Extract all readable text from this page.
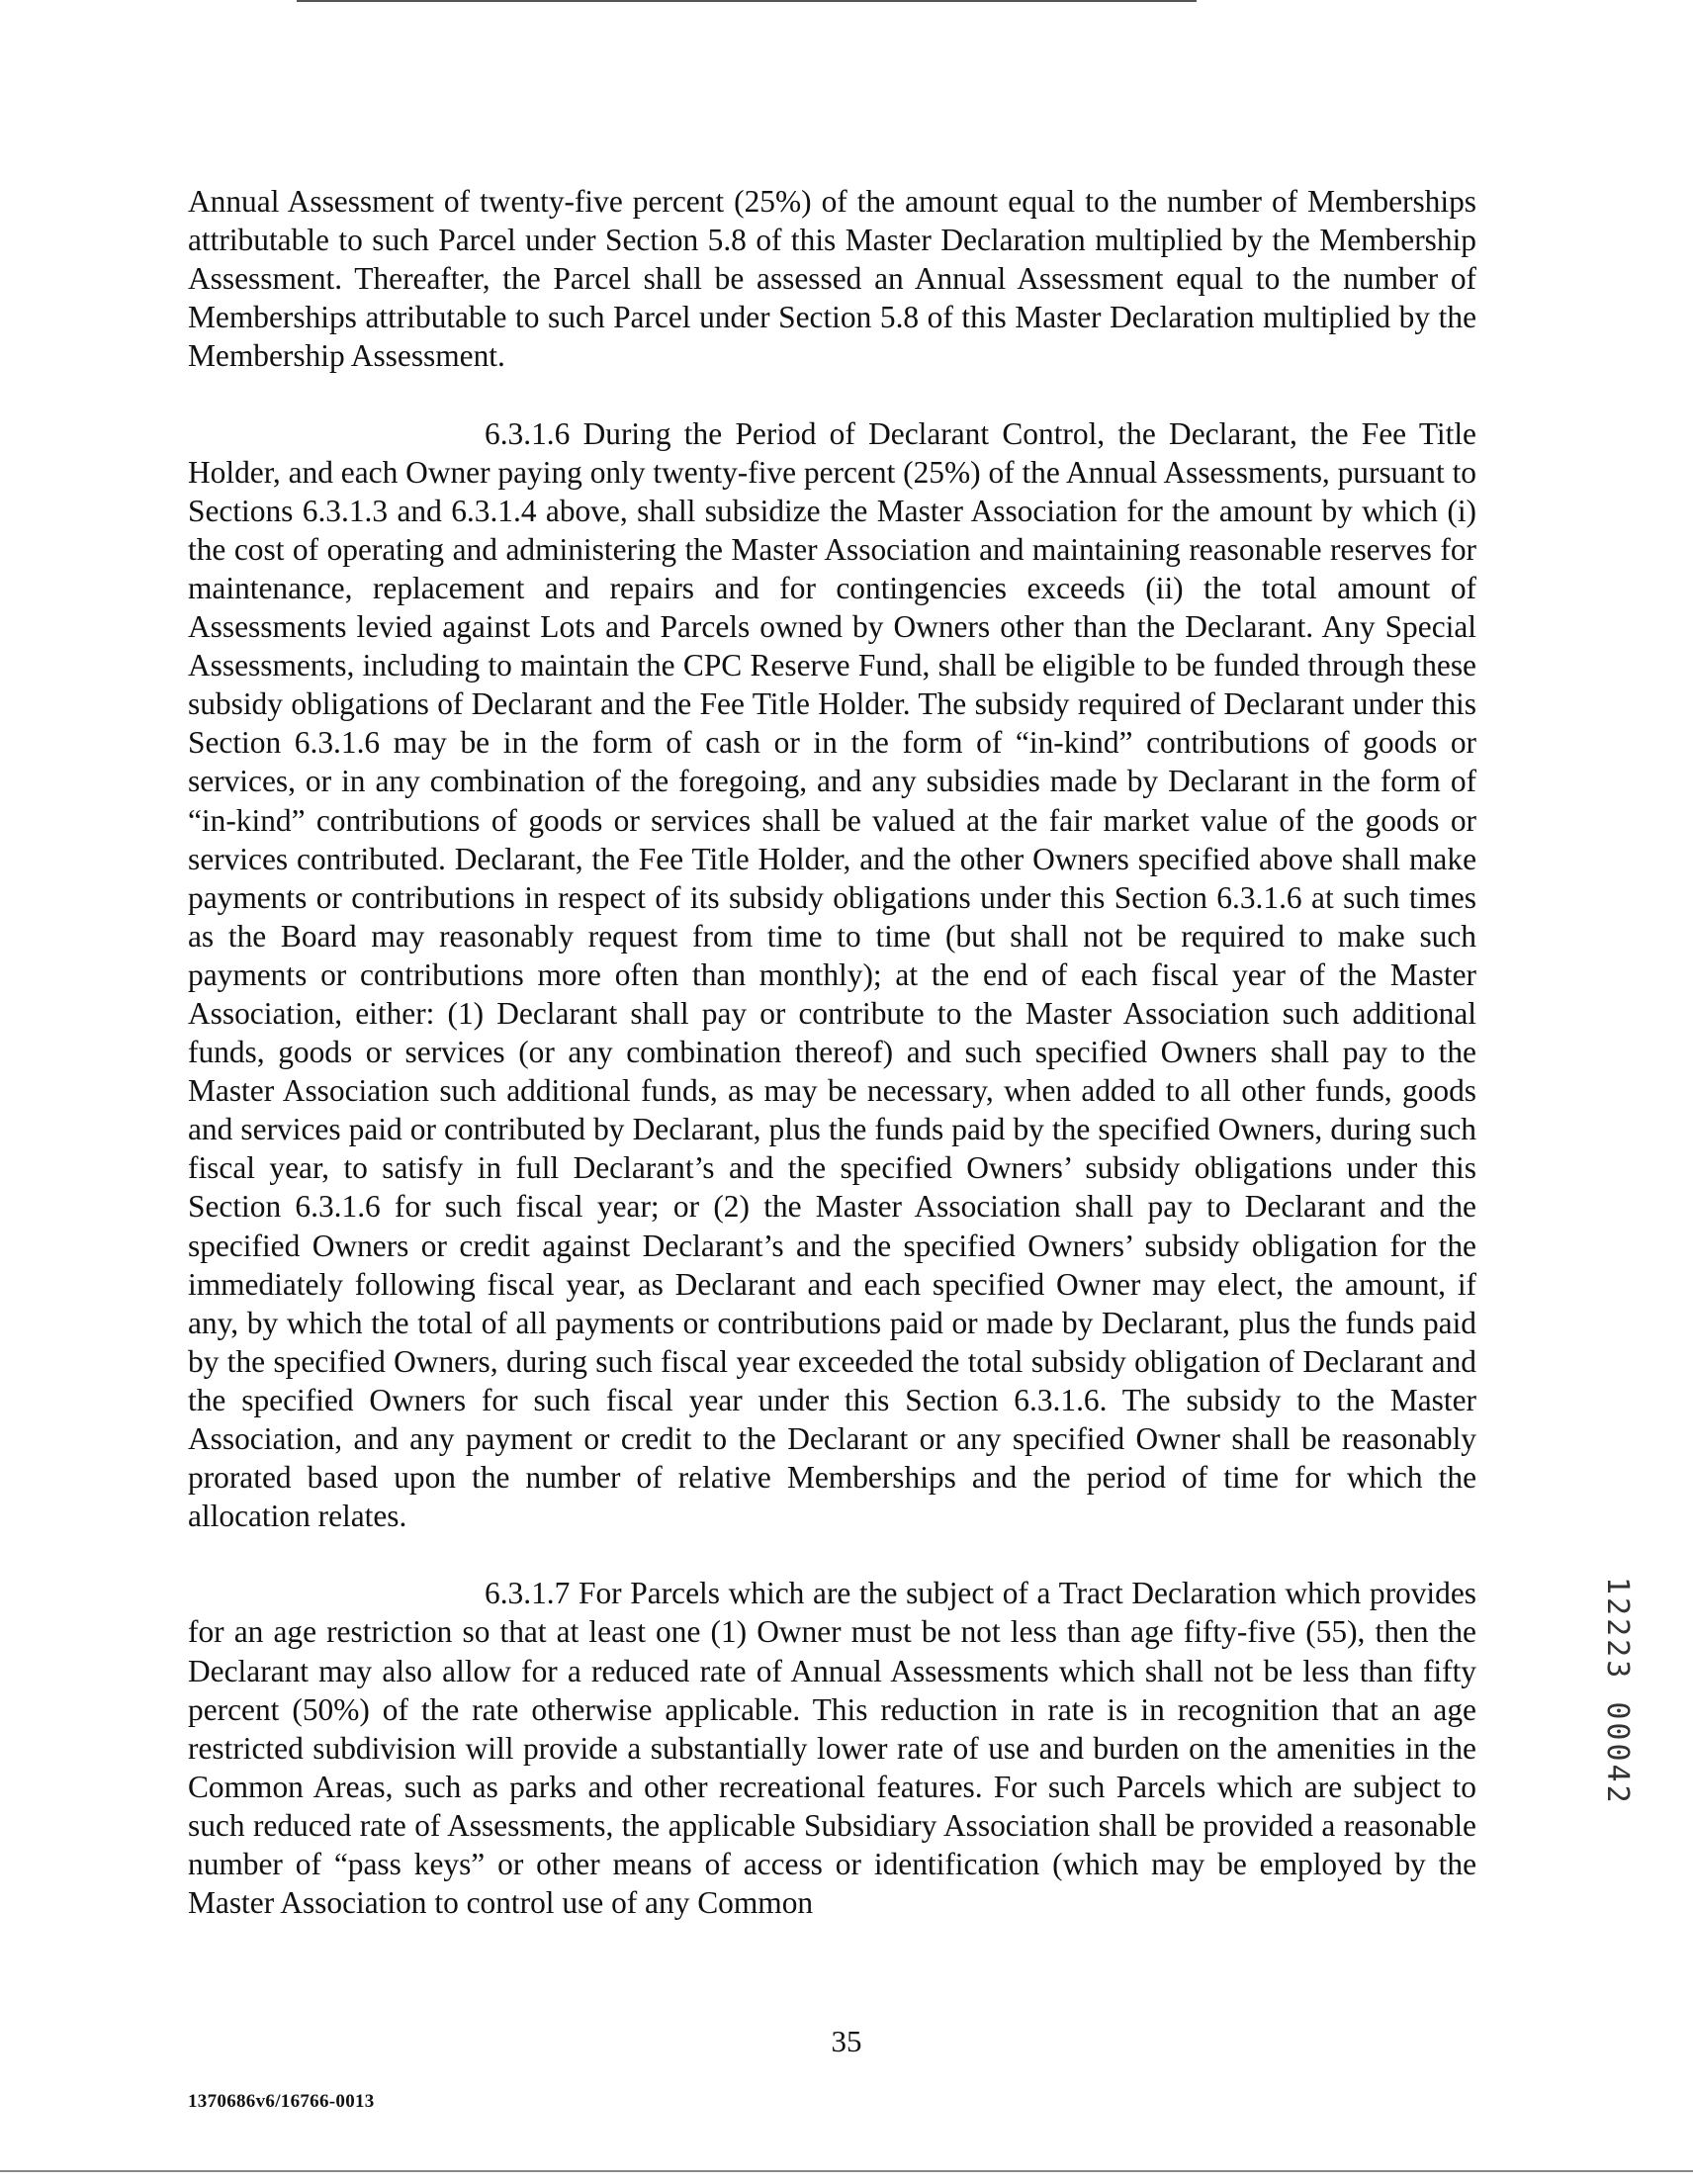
Annual Assessment of twenty-five percent (25%) of the amount equal to the number of Memberships attributable to such Parcel under Section 5.8 of this Master Declaration multiplied by the Membership Assessment. Thereafter, the Parcel shall be assessed an Annual Assessment equal to the number of Memberships attributable to such Parcel under Section 5.8 of this Master Declaration multiplied by the Membership Assessment.

6.3.1.6 During the Period of Declarant Control, the Declarant, the Fee Title Holder, and each Owner paying only twenty-five percent (25%) of the Annual Assessments, pursuant to Sections 6.3.1.3 and 6.3.1.4 above, shall subsidize the Master Association for the amount by which (i) the cost of operating and administering the Master Association and maintaining reasonable reserves for maintenance, replacement and repairs and for contingencies exceeds (ii) the total amount of Assessments levied against Lots and Parcels owned by Owners other than the Declarant. Any Special Assessments, including to maintain the CPC Reserve Fund, shall be eligible to be funded through these subsidy obligations of Declarant and the Fee Title Holder. The subsidy required of Declarant under this Section 6.3.1.6 may be in the form of cash or in the form of “in-kind” contributions of goods or services, or in any combination of the foregoing, and any subsidies made by Declarant in the form of “in-kind” contributions of goods or services shall be valued at the fair market value of the goods or services contributed. Declarant, the Fee Title Holder, and the other Owners specified above shall make payments or contributions in respect of its subsidy obligations under this Section 6.3.1.6 at such times as the Board may reasonably request from time to time (but shall not be required to make such payments or contributions more often than monthly); at the end of each fiscal year of the Master Association, either: (1) Declarant shall pay or contribute to the Master Association such additional funds, goods or services (or any combination thereof) and such specified Owners shall pay to the Master Association such additional funds, as may be necessary, when added to all other funds, goods and services paid or contributed by Declarant, plus the funds paid by the specified Owners, during such fiscal year, to satisfy in full Declarant’s and the specified Owners’ subsidy obligations under this Section 6.3.1.6 for such fiscal year; or (2) the Master Association shall pay to Declarant and the specified Owners or credit against Declarant’s and the specified Owners’ subsidy obligation for the immediately following fiscal year, as Declarant and each specified Owner may elect, the amount, if any, by which the total of all payments or contributions paid or made by Declarant, plus the funds paid by the specified Owners, during such fiscal year exceeded the total subsidy obligation of Declarant and the specified Owners for such fiscal year under this Section 6.3.1.6. The subsidy to the Master Association, and any payment or credit to the Declarant or any specified Owner shall be reasonably prorated based upon the number of relative Memberships and the period of time for which the allocation relates.

6.3.1.7 For Parcels which are the subject of a Tract Declaration which provides for an age restriction so that at least one (1) Owner must be not less than age fifty-five (55), then the Declarant may also allow for a reduced rate of Annual Assessments which shall not be less than fifty percent (50%) of the rate otherwise applicable. This reduction in rate is in recognition that an age restricted subdivision will provide a substantially lower rate of use and burden on the amenities in the Common Areas, such as parks and other recreational features. For such Parcels which are subject to such reduced rate of Assessments, the applicable Subsidiary Association shall be provided a reasonable number of “pass keys” or other means of access or identification (which may be employed by the Master Association to control use of any Common

12223 00042
35
1370686v6/16766-0013
